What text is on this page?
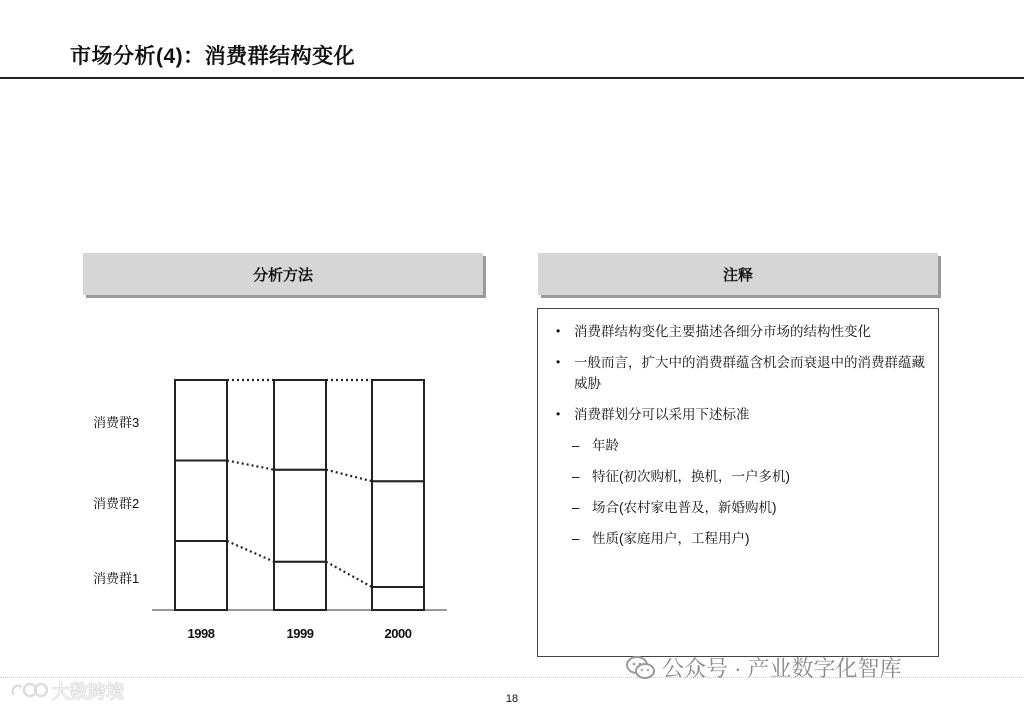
市场分析(4)：消费群结构变化
分析方法	注释
消费群1
消费群2
消费群3
1998	1999	2000
• 消费群结构变化主要描述各细分市场的结构性变化
• 一般而言，扩大中的消费群蕴含机会而衰退中的消费群蕴藏威胁
• 消费群划分可以采用下述标准
– 年龄
– 特征(初次购机，换机，一户多机)
– 场合(农村家电普及，新婚购机)
– 性质(家庭用户，工程用户)
公众号 · 产业数字化智库
大数跨境	18
